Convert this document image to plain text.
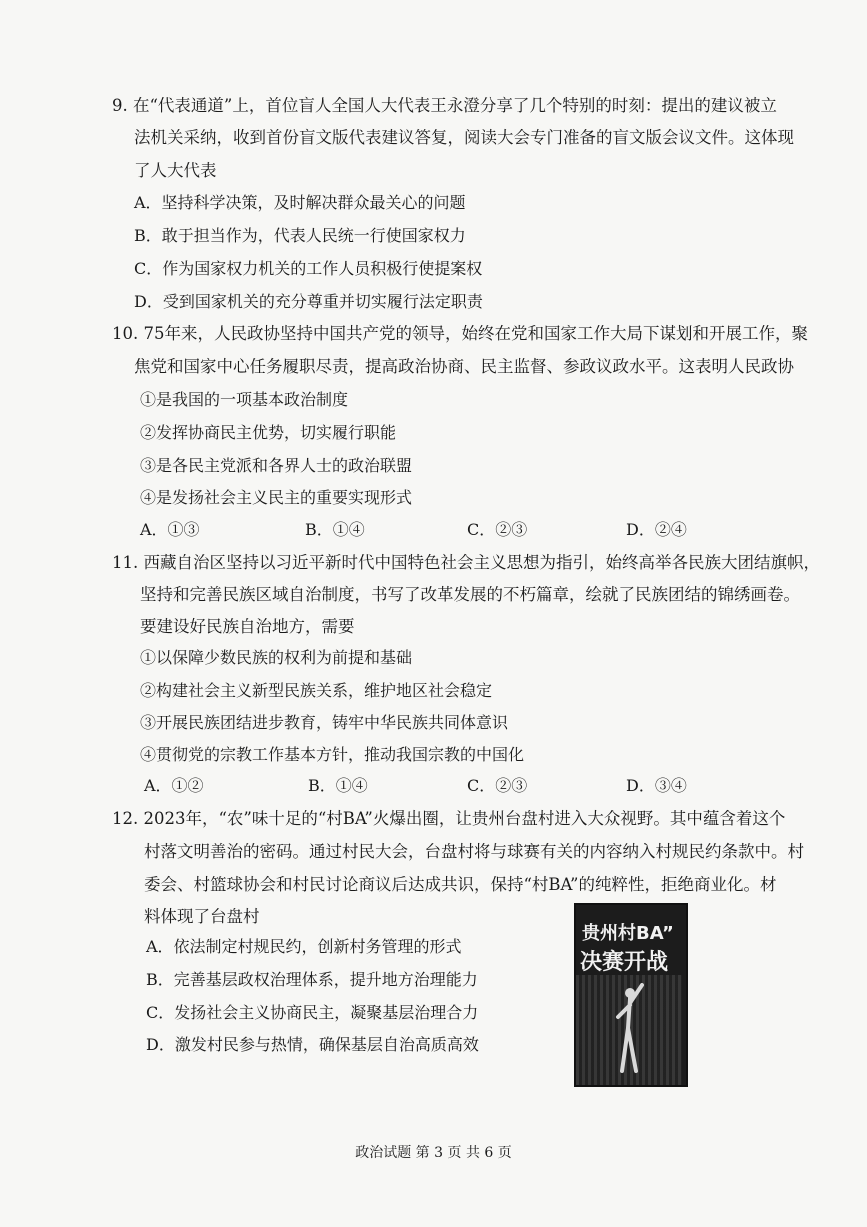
9. 在“代表通道”上，首位盲人全国人大代表王永澄分享了几个特别的时刻：提出的建议被立
法机关采纳，收到首份盲文版代表建议答复，阅读大会专门准备的盲文版会议文件。这体现
了人大代表
A．坚持科学决策，及时解决群众最关心的问题
B．敢于担当作为，代表人民统一行使国家权力
C．作为国家权力机关的工作人员积极行使提案权
D．受到国家机关的充分尊重并切实履行法定职责
10. 75年来，人民政协坚持中国共产党的领导，始终在党和国家工作大局下谋划和开展工作，聚
焦党和国家中心任务履职尽责，提高政治协商、民主监督、参政议政水平。这表明人民政协
①是我国的一项基本政治制度
②发挥协商民主优势，切实履行职能
③是各民主党派和各界人士的政治联盟
④是发扬社会主义民主的重要实现形式
A．①③	B．①④	C．②③	D．②④
11. 西藏自治区坚持以习近平新时代中国特色社会主义思想为指引，始终高举各民族大团结旗帜，
坚持和完善民族区域自治制度，书写了改革发展的不朽篇章，绘就了民族团结的锦绣画卷。
要建设好民族自治地方，需要
①以保障少数民族的权利为前提和基础
②构建社会主义新型民族关系，维护地区社会稳定
③开展民族团结进步教育，铸牢中华民族共同体意识
④贯彻党的宗教工作基本方针，推动我国宗教的中国化
A．①②	B．①④	C．②③	D．③④
12. 2023年，“农”味十足的“村BA”火爆出圈，让贵州台盘村进入大众视野。其中蕴含着这个
村落文明善治的密码。通过村民大会，台盘村将与球赛有关的内容纳入村规民约条款中。村
委会、村篮球协会和村民讨论商议后达成共识，保持“村BA”的纯粹性，拒绝商业化。材
料体现了台盘村
A．依法制定村规民约，创新村务管理的形式
B．完善基层政权治理体系，提升地方治理能力
C．发扬社会主义协商民主，凝聚基层治理合力
D．激发村民参与热情，确保基层自治高质高效
贵州村BA”
决赛开战
政治试题 第 3 页 共 6 页
